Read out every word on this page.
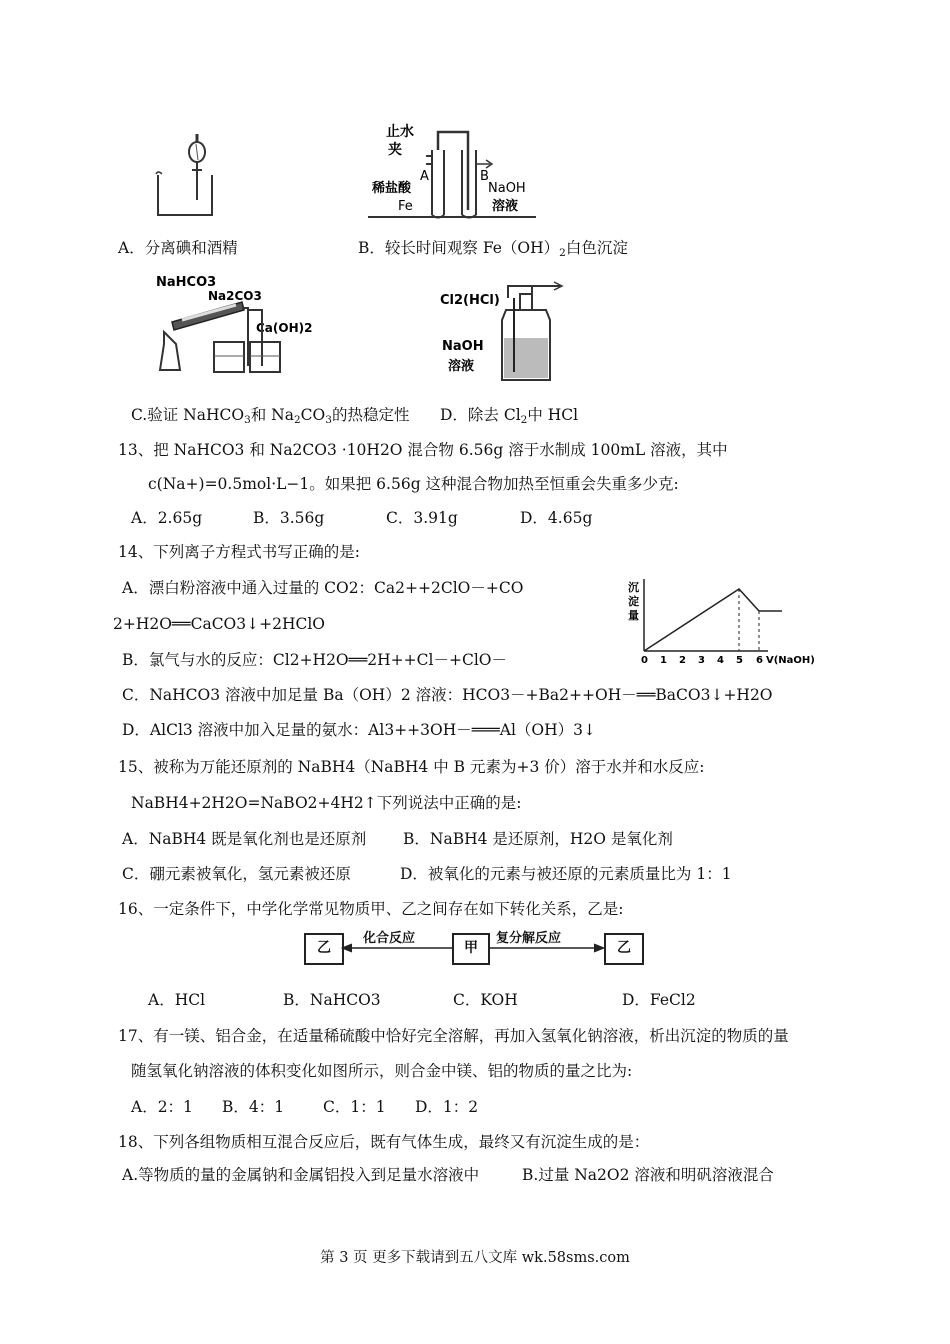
止水
夹
A	B
稀盐酸
Fe
NaOH
溶液
A．分离碘和酒精	B．较长时间观察 $Fe(OH)_2$白色沉淀
NaHCO3
Na2CO3
Ca(OH)2
Cl2(HCl)
NaOH
溶液
C.验证 NaHCO$_3$和 $Na_2CO_3$的热稳定性 D．除去 $Cl_2$中 HCl
13、把 NaHCO3 和 Na2CO3 ·10H2O 混合物 6.56g 溶于水制成 100mL 溶液，其中
c(Na+)=0.5mol·L−1。如果把 6.56g 这种混合物加热至恒重会失重多少克:
A．2.65g	B．3.56g	C．3.91g	D．4.65g
14、下列离子方程式书写正确的是:
A．漂白粉溶液中通入过量的 CO2：Ca2++2ClO－+CO
2+H2O══CaCO3↓+2HClO
B．氯气与水的反应：Cl2+H2O══2H++Cl－+ClO－
C．NaHCO3 溶液中加足量 Ba（OH）2 溶液：HCO3－+Ba2++OH－══BaCO3↓+H2O
D．AlCl3 溶液中加入足量的氨水：Al3++3OH－═══Al（OH）3↓
沉
淀
量
0 1 2 3 4 5 6 V(NaOH)
15、被称为万能还原剂的 NaBH4（NaBH4 中 B 元素为+3 价）溶于水并和水反应:
NaBH4+2H2O=NaBO2+4H2↑下列说法中正确的是:
A．NaBH4 既是氧化剂也是还原剂 B．NaBH4 是还原剂，H2O 是氧化剂
C．硼元素被氧化，氢元素被还原	D．被氧化的元素与被还原的元素质量比为 1：1
16、一定条件下，中学化学常见物质甲、乙之间存在如下转化关系，乙是:
乙	甲	乙
化合反应	复分解反应
A．HCl	B．NaHCO3	C．KOH	D．FeCl2
17、有一镁、铝合金，在适量稀硫酸中恰好完全溶解，再加入氢氧化钠溶液，析出沉淀的物质的量
随氢氧化钠溶液的体积变化如图所示，则合金中镁、铝的物质的量之比为:
A．2：1 B．4：1	C．1：1 D．1：2
18、下列各组物质相互混合反应后，既有气体生成，最终又有沉淀生成的是：
A.等物质的量的金属钠和金属铝投入到足量水溶液中	B.过量 Na2O2 溶液和明矾溶液混合
第 3 页 更多下载请到五八文库 wk.58sms.com
